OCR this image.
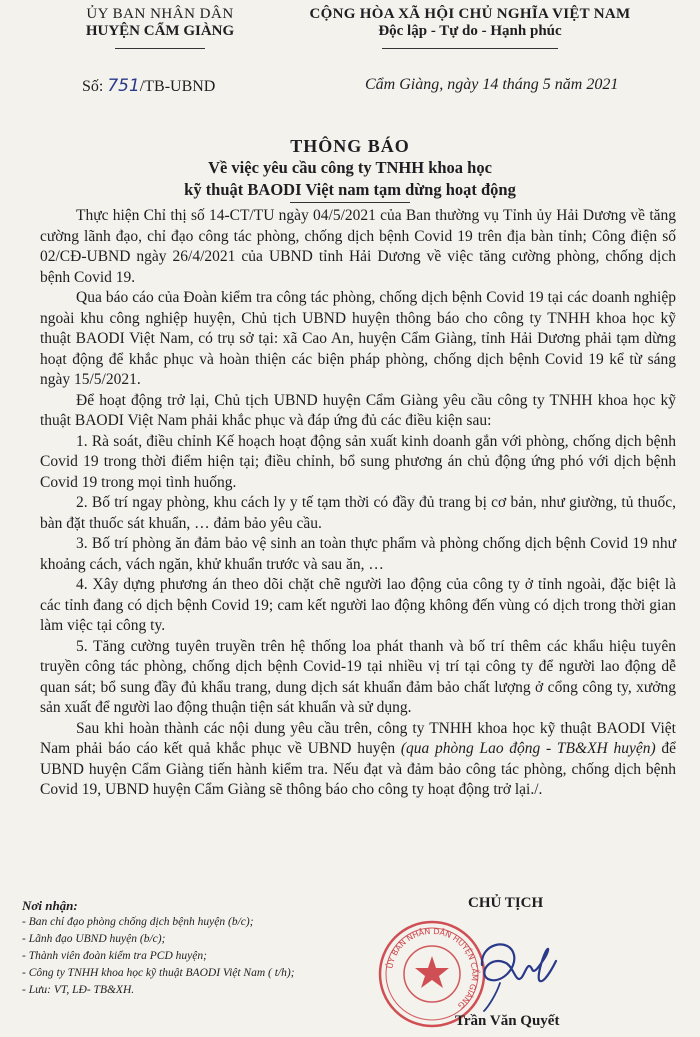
ỦY BAN NHÂN DÂN
HUYỆN CẨM GIÀNG
CỘNG HÒA XÃ HỘI CHỦ NGHĨA VIỆT NAM
Độc lập - Tự do - Hạnh phúc
Số: 751/TB-UBND	Cẩm Giàng, ngày 14 tháng 5 năm 2021
THÔNG BÁO
Về việc yêu cầu công ty TNHH khoa học
kỹ thuật BAODI Việt nam tạm dừng hoạt động

Thực hiện Chỉ thị số 14-CT/TU ngày 04/5/2021 của Ban thường vụ Tỉnh ủy Hải Dương về tăng cường lãnh đạo, chỉ đạo công tác phòng, chống dịch bệnh Covid 19 trên địa bàn tỉnh; Công điện số 02/CĐ-UBND ngày 26/4/2021 của UBND tỉnh Hải Dương về việc tăng cường phòng, chống dịch bệnh Covid 19.

Qua báo cáo của Đoàn kiểm tra công tác phòng, chống dịch bệnh Covid 19 tại các doanh nghiệp ngoài khu công nghiệp huyện, Chủ tịch UBND huyện thông báo cho công ty TNHH khoa học kỹ thuật BAODI Việt Nam, có trụ sở tại: xã Cao An, huyện Cẩm Giàng, tỉnh Hải Dương phải tạm dừng hoạt động để khắc phục và hoàn thiện các biện pháp phòng, chống dịch bệnh Covid 19 kể từ sáng ngày 15/5/2021.

Để hoạt động trở lại, Chủ tịch UBND huyện Cẩm Giàng yêu cầu công ty TNHH khoa học kỹ thuật BAODI Việt Nam phải khắc phục và đáp ứng đủ các điều kiện sau:

1. Rà soát, điều chỉnh Kế hoạch hoạt động sản xuất kinh doanh gắn với phòng, chống dịch bệnh Covid 19 trong thời điểm hiện tại; điều chỉnh, bổ sung phương án chủ động ứng phó với dịch bệnh Covid 19 trong mọi tình huống.

2. Bố trí ngay phòng, khu cách ly y tế tạm thời có đầy đủ trang bị cơ bản, như giường, tủ thuốc, bàn đặt thuốc sát khuẩn, … đảm bảo yêu cầu.

3. Bố trí phòng ăn đảm bảo vệ sinh an toàn thực phẩm và phòng chống dịch bệnh Covid 19 như khoảng cách, vách ngăn, khử khuẩn trước và sau ăn, …

4. Xây dựng phương án theo dõi chặt chẽ người lao động của công ty ở tỉnh ngoài, đặc biệt là các tỉnh đang có dịch bệnh Covid 19; cam kết người lao động không đến vùng có dịch trong thời gian làm việc tại công ty.

5. Tăng cường tuyên truyền trên hệ thống loa phát thanh và bố trí thêm các khẩu hiệu tuyên truyền công tác phòng, chống dịch bệnh Covid-19 tại nhiều vị trí tại công ty để người lao động dễ quan sát; bổ sung đầy đủ khẩu trang, dung dịch sát khuẩn đảm bảo chất lượng ở cổng công ty, xưởng sản xuất để người lao động thuận tiện sát khuẩn và sử dụng.

Sau khi hoàn thành các nội dung yêu cầu trên, công ty TNHH khoa học kỹ thuật BAODI Việt Nam phải báo cáo kết quả khắc phục về UBND huyện (qua phòng Lao động - TB&XH huyện) để UBND huyện Cẩm Giàng tiến hành kiểm tra. Nếu đạt và đảm bảo công tác phòng, chống dịch bệnh Covid 19, UBND huyện Cẩm Giàng sẽ thông báo cho công ty hoạt động trở lại./.

Nơi nhận:
- Ban chỉ đạo phòng chống dịch bệnh huyện (b/c);
- Lãnh đạo UBND huyện (b/c);
- Thành viên đoàn kiểm tra PCD huyện;
- Công ty TNHH khoa học kỹ thuật BAODI Việt Nam ( t/h);
- Lưu: VT, LĐ- TB&XH.
CHỦ TỊCH
ỦY BAN NHÂN DÂN HUYỆN CẨM GIÀNG
Trần Văn Quyết
